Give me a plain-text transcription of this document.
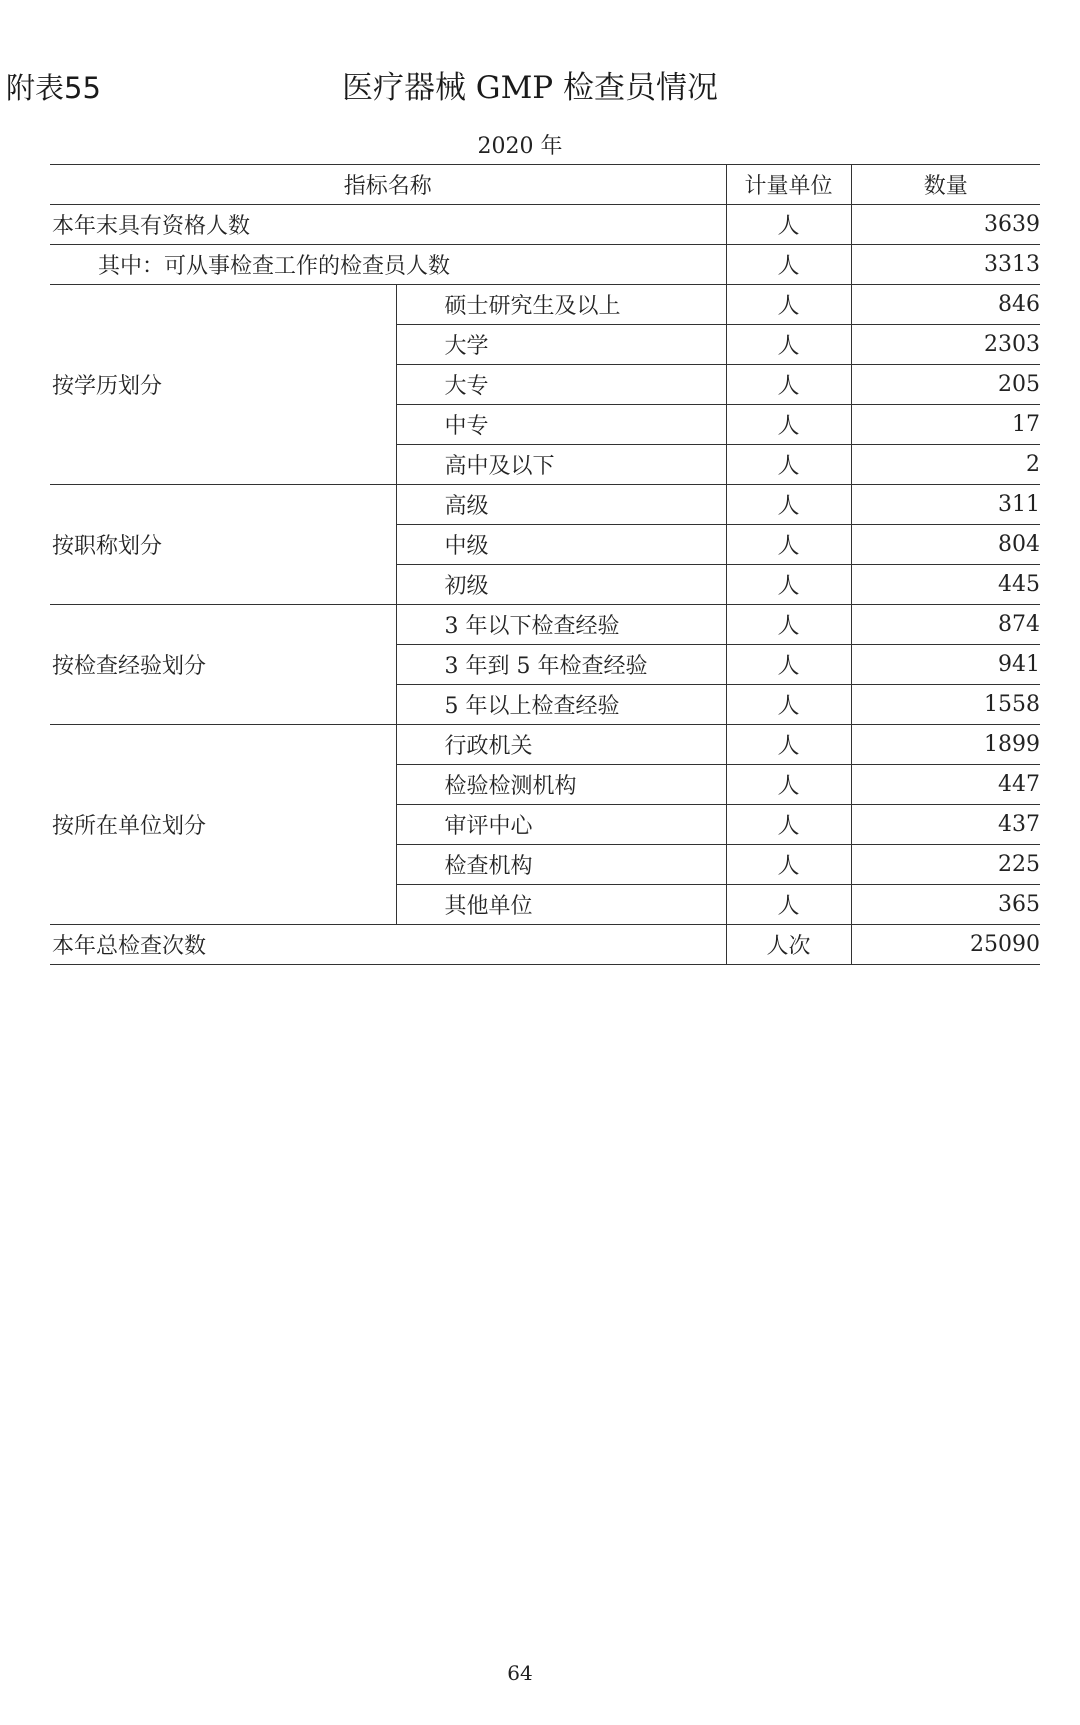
附表55	医疗器械 GMP 检查员情况
2020 年
指标名称		计量单位	数量
本年末具有资格人数		人	3639
其中：可从事检查工作的检查员人数		人	3313
按学历划分	硕士研究生及以上	人	846
	大学	人	2303
	大专	人	205
	中专	人	17
	高中及以下	人	2
按职称划分	高级	人	311
	中级	人	804
	初级	人	445
按检查经验划分	3 年以下检查经验	人	874
	3 年到 5 年检查经验	人	941
	5 年以上检查经验	人	1558
按所在单位划分	行政机关	人	1899
	检验检测机构	人	447
	审评中心	人	437
	检查机构	人	225
	其他单位	人	365
本年总检查次数		人次	25090
64
